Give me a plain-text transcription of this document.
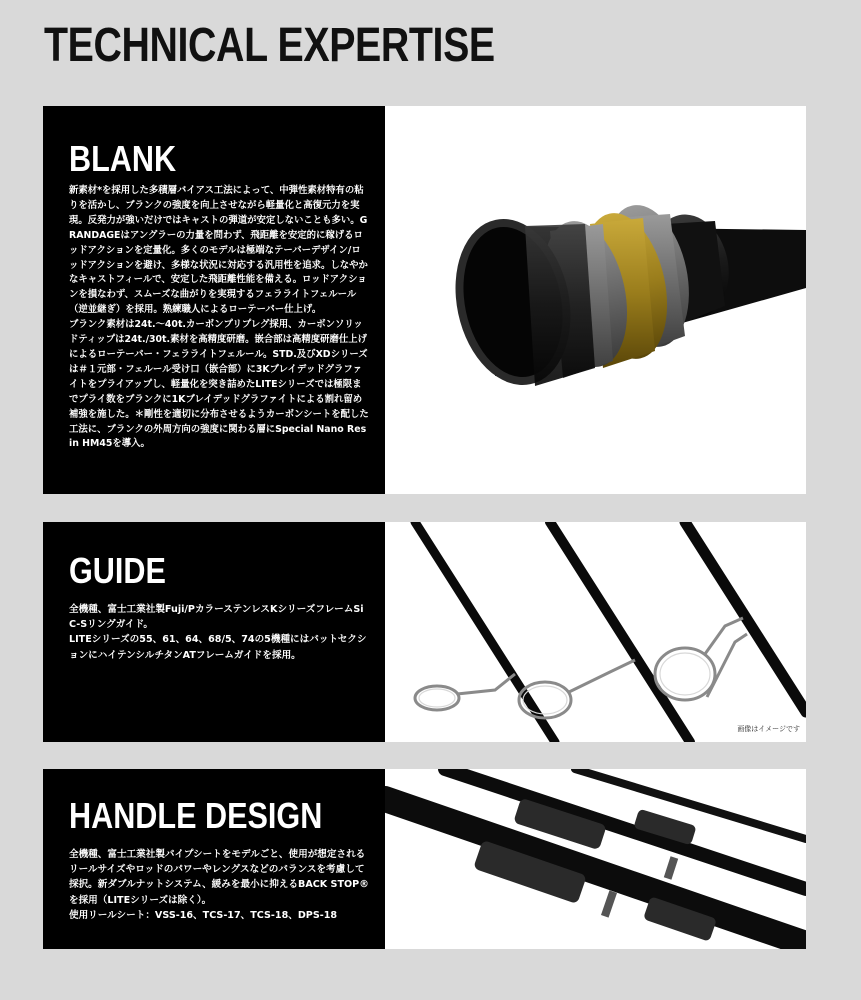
TECHNICAL EXPERTISE
BLANK

新素材*を採用した多積層バイアス工法によって、中弾性素材特有の粘りを活かし、ブランクの強度を向上させながら軽量化と高復元力を実現。反発力が強いだけではキャストの弾道が安定しないことも多い。GRANDAGEはアングラーの力量を問わず、飛距離を安定的に稼げるロッドアクションを定量化。多くのモデルは極端なテーパーデザイン/ロッドアクションを避け、多様な状況に対応する汎用性を追求。しなやかなキャストフィールで、安定した飛距離性能を備える。ロッドアクションを損なわず、スムーズな曲がりを実現するフェラライトフェルール（逆並継ぎ）を採用。熟練職人によるローテーパー仕上げ。
ブランク素材は24t.～40t.カーボンプリプレグ採用、カーボンソリッドティップは24t./30t.素材を高精度研磨。嵌合部は高精度研磨仕上げによるローテーパー・フェラライトフェルール。STD.及びXDシリーズは＃１元部・フェルール受け口（嵌合部）に3Kブレイデッドグラファイトをプライアップし、軽量化を突き詰めたLITEシリーズでは極限までプライ数をブランクに1Kブレイデッドグラファイトによる割れ留め補強を施した。＊剛性を適切に分布させるようカーボンシートを配した工法に、ブランクの外周方向の強度に関わる層にSpecial Nano Resin HM45を導入。

GUIDE

全機種、富士工業社製Fuji/PカラーステンレスKシリーズフレームSiC-Sリングガイド。
LITEシリーズの55、61、64、68/5、74の5機種にはバットセクションにハイテンシルチタンATフレームガイドを採用。

画像はイメージです
HANDLE DESIGN

全機種、富士工業社製パイプシートをモデルごと、使用が想定されるリールサイズやロッドのパワーやレングスなどのバランスを考慮して採択。新ダブルナットシステム、緩みを最小に抑えるBACK STOP®を採用（LITEシリーズは除く）。
使用リールシート：VSS-16、TCS-17、TCS-18、DPS-18
